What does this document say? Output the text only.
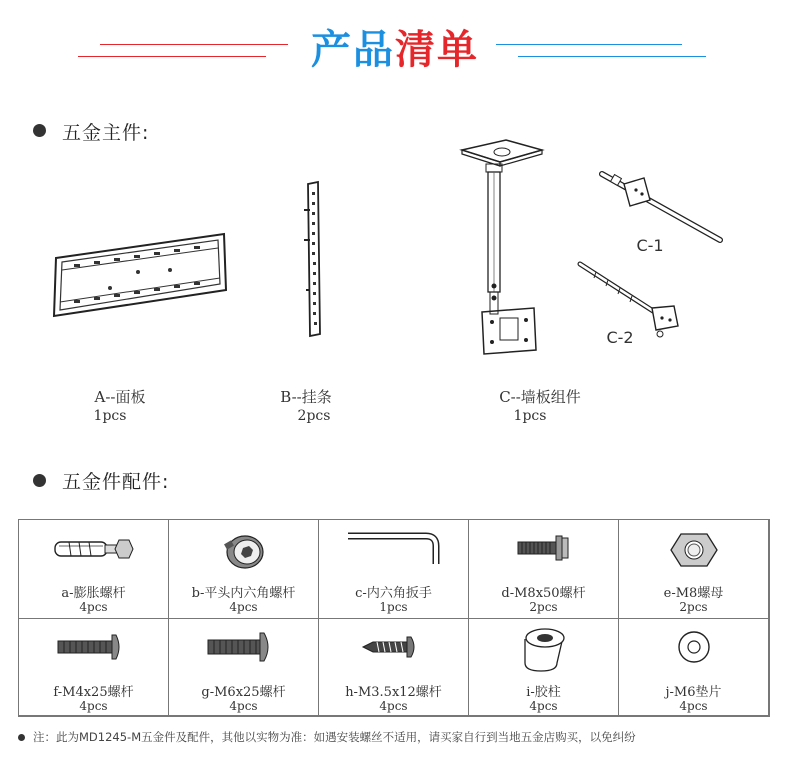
产品清单
五金主件:
A--面板
1pcs
B--挂条
2pcs
C--墙板组件
1pcs
C-1
C-2
五金件配件:
a-膨胀螺杆
4pcs
b-平头内六角螺杆
4pcs
c-内六角扳手
1pcs
d-M8x50螺杆
2pcs
e-M8螺母
2pcs
f-M4x25螺杆
4pcs
g-M6x25螺杆
4pcs
h-M3.5x12螺杆
4pcs
i-胶柱
4pcs
j-M6垫片
4pcs
注：此为MD1245-M五金件及配件，其他以实物为准：如遇安装螺丝不适用，请买家自行到当地五金店购买，以免纠纷
